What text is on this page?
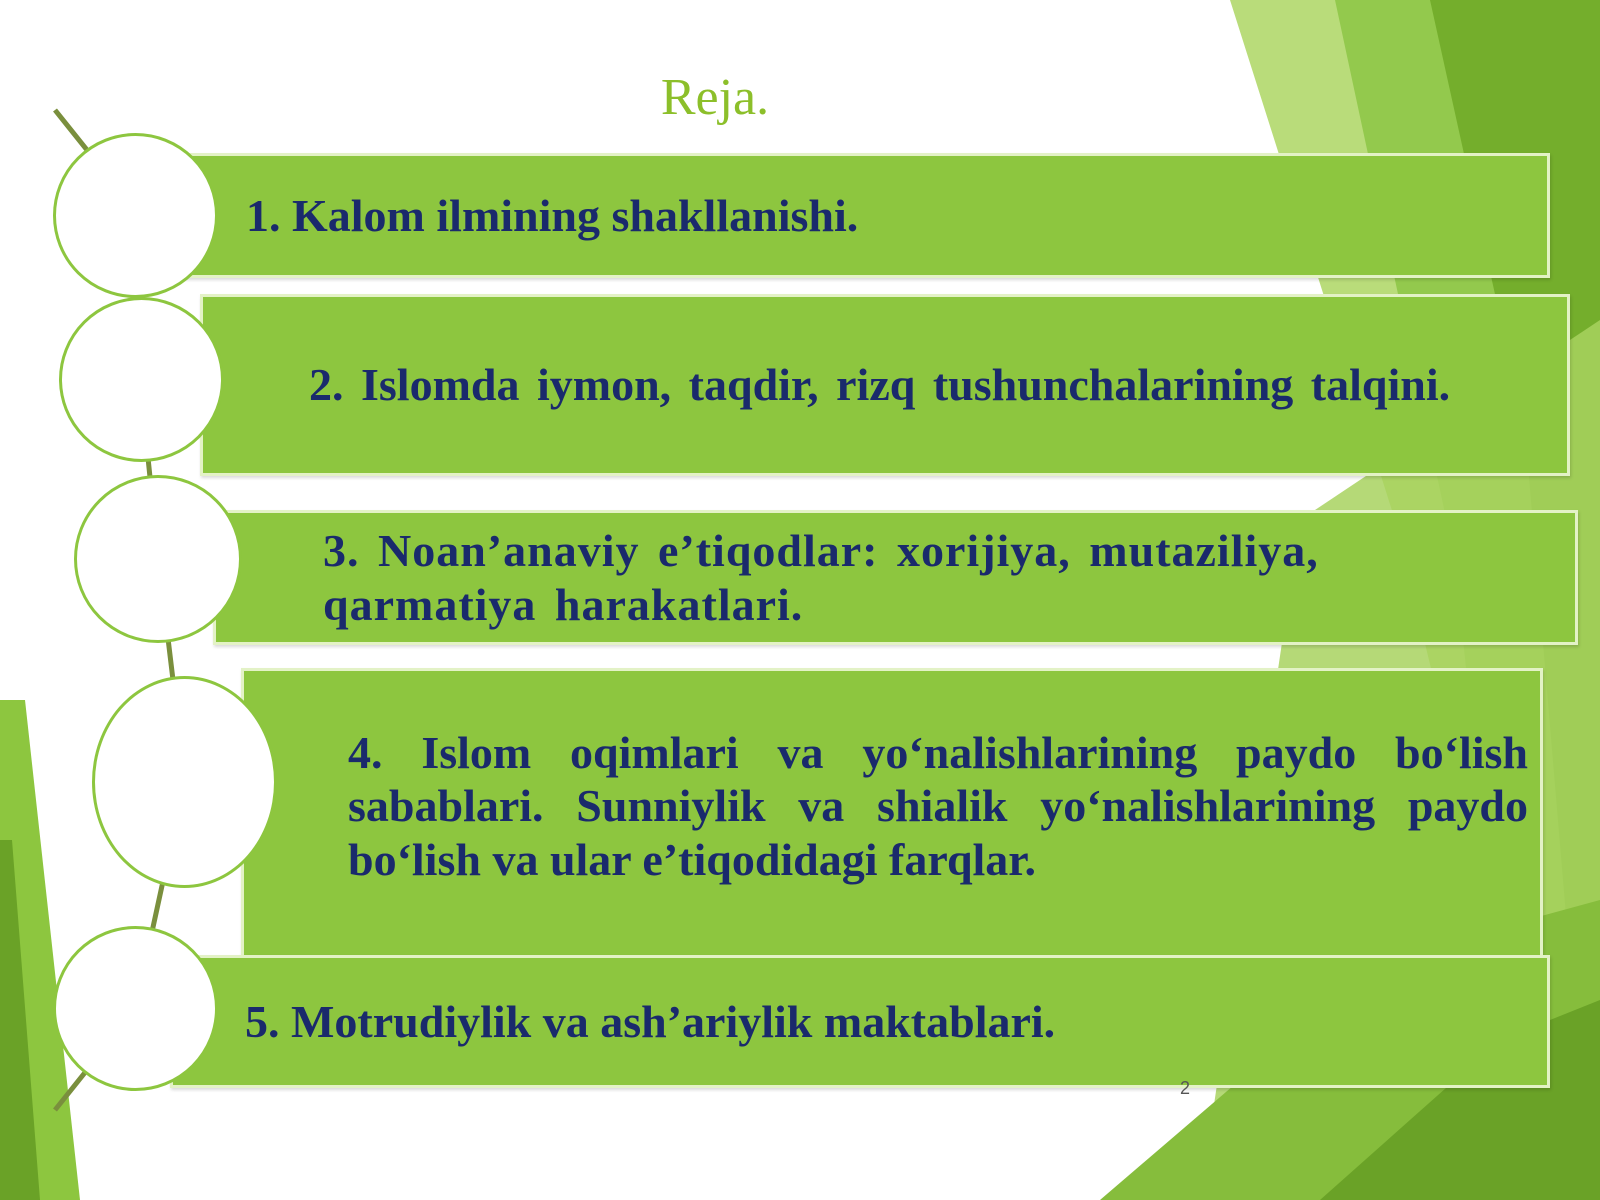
Reja.
1. Kalom ilmining shakllanishi.
2. Islomda iymon, taqdir, rizq tushunchalarining talqini.
3. Noan’anaviy e’tiqodlar: xorijiya, mutaziliya, qarmatiya harakatlari.
4. Islom oqimlari va yo‘nalishlarining paydo bo‘lish sabablari. Sunniylik va shialik yo‘nalishlarining paydo bo‘lish va ular e’tiqodidagi farqlar.
5. Motrudiylik va ash’ariylik maktablari.
2
